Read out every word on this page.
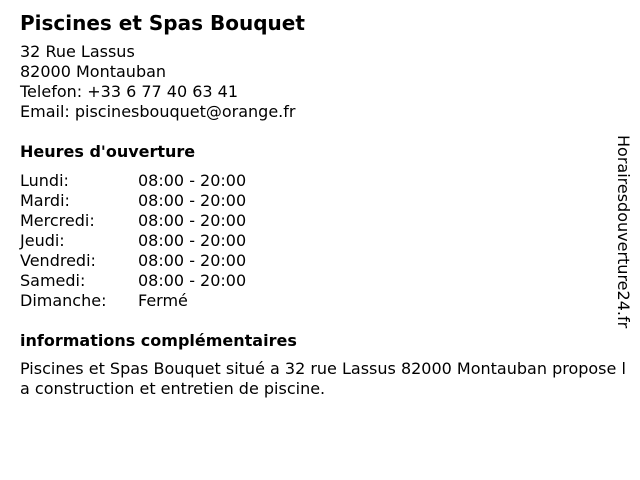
Piscines et Spas Bouquet
32 Rue Lassus
82000 Montauban
Telefon: +33 6 77 40 63 41
Email: piscinesbouquet@orange.fr
Heures d'ouverture
Lundi:	08:00 - 20:00
Mardi:	08:00 - 20:00
Mercredi:	08:00 - 20:00
Jeudi:	08:00 - 20:00
Vendredi:	08:00 - 20:00
Samedi:	08:00 - 20:00
Dimanche:	Fermé
informations complémentaires
Piscines et Spas Bouquet situé a 32 rue Lassus 82000 Montauban propose la construction et entretien de piscine.
Horairesdouverture24.fr
